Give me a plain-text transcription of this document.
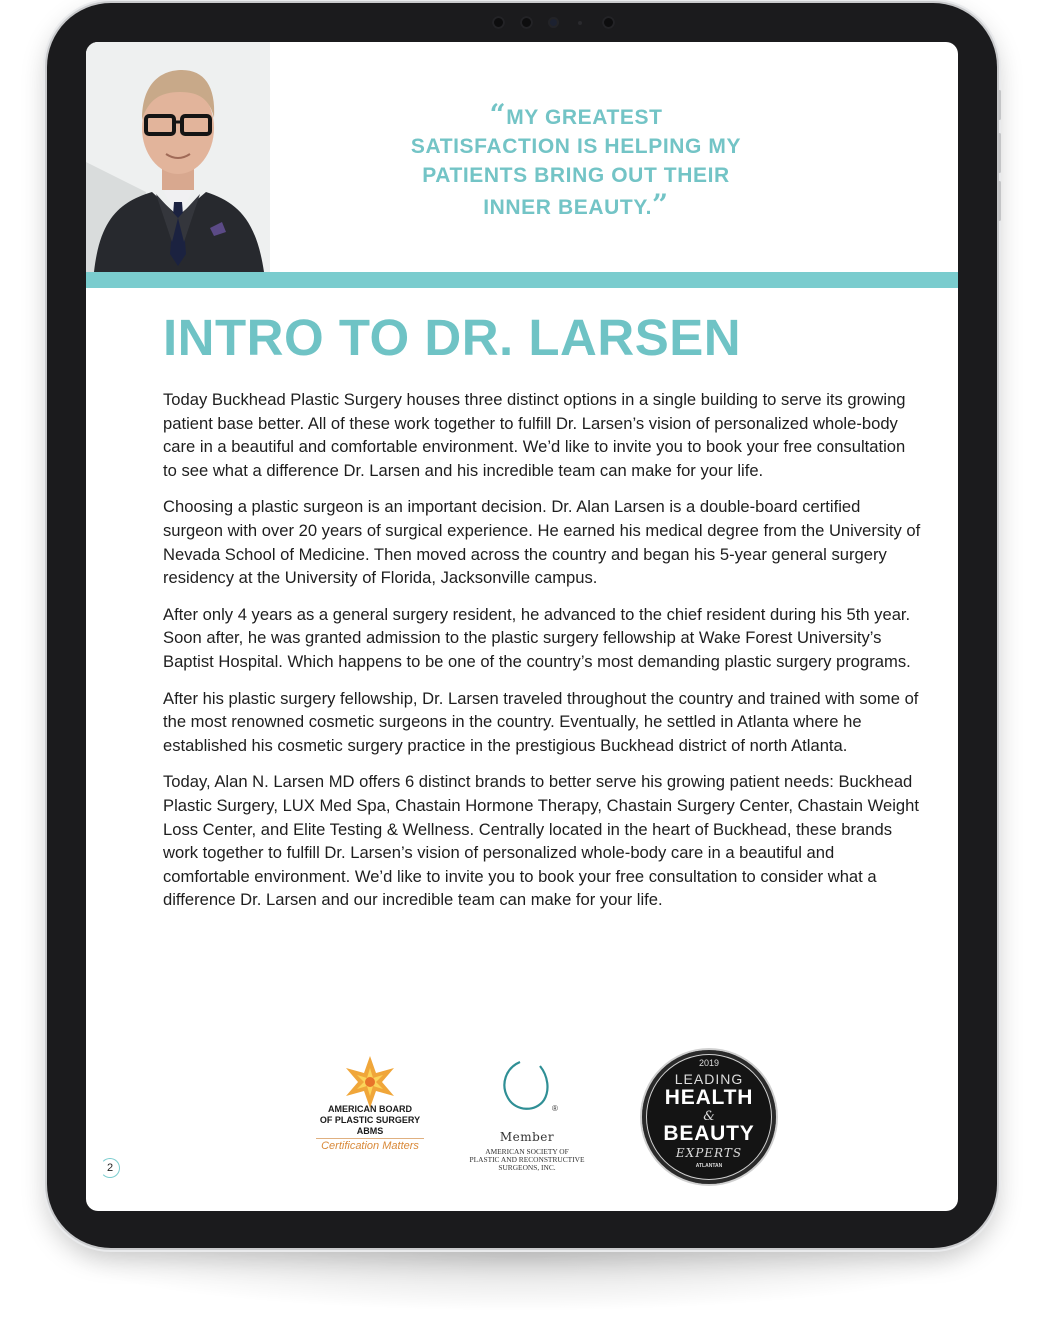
“MY GREATEST
SATISFACTION IS HELPING MY
PATIENTS BRING OUT THEIR
INNER BEAUTY.”
INTRO TO DR. LARSEN

Today Buckhead Plastic Surgery houses three distinct options in a single building to serve its growing patient base better. All of these work together to fulfill Dr. Larsen’s vision of personalized whole-body care in a beautiful and comfortable environment. We’d like to invite you to book your free consultation to see what a difference Dr. Larsen and his incredible team can make for your life.

Choosing a plastic surgeon is an important decision. Dr. Alan Larsen is a double-board certified surgeon with over 20 years of surgical experience. He earned his medical degree from the University of Nevada School of Medicine. Then moved across the country and began his 5-year general surgery residency at the University of Florida, Jacksonville campus.

After only 4 years as a general surgery resident, he advanced to the chief resident during his 5th year. Soon after, he was granted admission to the plastic surgery fellowship at Wake Forest University’s Baptist Hospital. Which happens to be one of the country’s most demanding plastic surgery programs.

After his plastic surgery fellowship, Dr. Larsen traveled throughout the country and trained with some of the most renowned cosmetic surgeons in the country. Eventually, he settled in Atlanta where he established his cosmetic surgery practice in the prestigious Buckhead district of north Atlanta.

Today, Alan N. Larsen MD offers 6 distinct brands to better serve his growing patient needs: Buckhead Plastic Surgery, LUX Med Spa, Chastain Hormone Therapy, Chastain Surgery Center, Chastain Weight Loss Center, and Elite Testing & Wellness. Centrally located in the heart of Buckhead, these brands work together to fulfill Dr. Larsen’s vision of personalized whole-body care in a beautiful and comfortable environment. We’d like to invite you to book your free consultation to consider what a difference Dr. Larsen and our incredible team can make for your life.

AMERICAN BOARD
OF PLASTIC SURGERY
ABMS
Certification Matters
®
Member
AMERICAN SOCIETY OF
PLASTIC AND RECONSTRUCTIVE
SURGEONS, INC.
2019
LEADING
HEALTH
&
BEAUTY
EXPERTS
ATLANTAN
2
